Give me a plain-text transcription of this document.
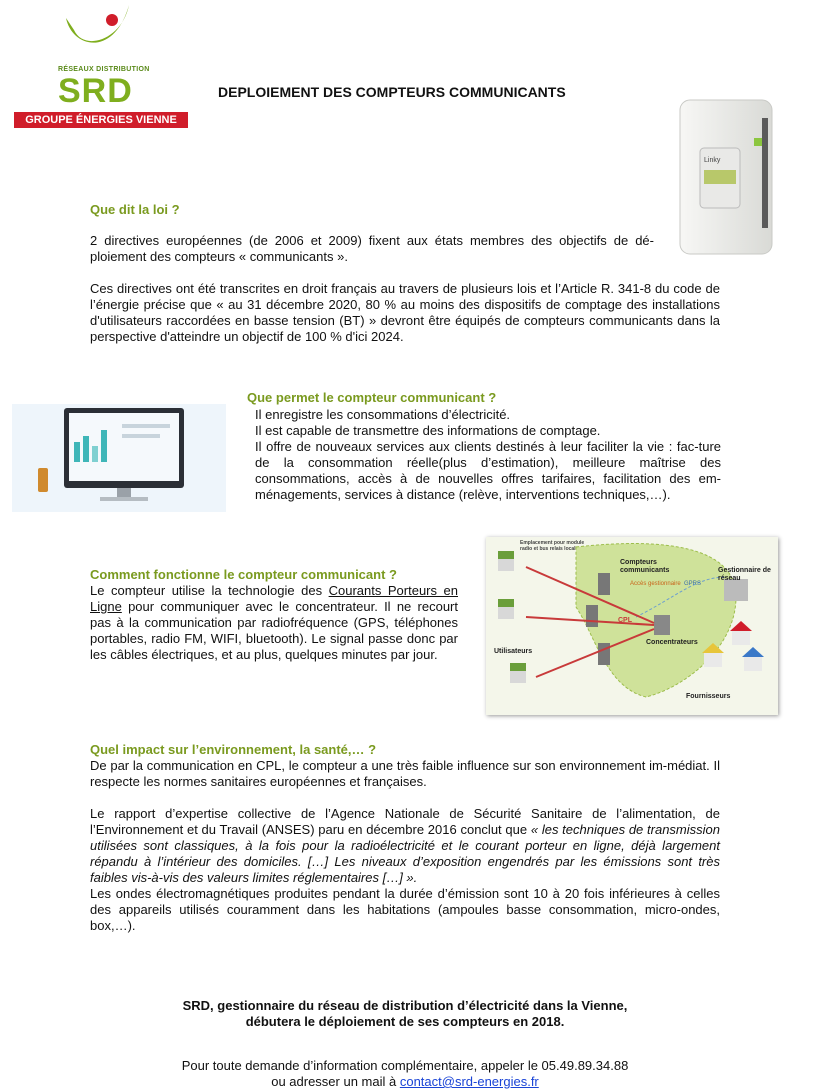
RÉSEAUX DISTRIBUTION
SRD
GROUPE ÉNERGIES VIENNE
DEPLOIEMENT DES COMPTEURS COMMUNICANTS
Linky
Que dit la loi ?

2 directives européennes (de 2006 et 2009) fixent aux états membres des objectifs de dé-ploiement des compteurs « communicants ».

Ces directives ont été transcrites en droit français au travers de plusieurs lois et l’Article R. 341-8 du code de l’énergie précise que « au 31 décembre 2020, 80 % au moins des dispositifs de comptage des installations d'utilisateurs raccordées en basse tension (BT) » devront être équipés de compteurs communicants dans la perspective d'atteindre un objectif de 100 % d'ici 2024.

Que permet le compteur communicant ?

Il enregistre les consommations d’électricité.

Il est capable de transmettre des informations de comptage.

Il offre de nouveaux services aux clients destinés à leur faciliter la vie : fac-ture de la consommation réelle(plus d’estimation), meilleure maîtrise des consommations, accès à de nouvelles offres tarifaires, facilitation des em-ménagements, services à distance (relève, interventions techniques,…).

Comment fonctionne le compteur communicant ?

Le compteur utilise la technologie des Courants Porteurs en Ligne pour communiquer avec le concentrateur. Il ne recourt pas à la communication par radiofréquence (GPS, téléphones portables, radio FM, WIFI, bluetooth). Le signal passe donc par les câbles électriques, et au plus, quelques minutes par jour.

Emplacement pour module radio et bus relais local
Compteurs communicants
Accès gestionnaire GPRS
Gestionnaire de réseau
CPL
Utilisateurs
Concentrateurs
Fournisseurs
Quel impact sur l’environnement, la santé,… ?

De par la communication en CPL, le compteur a une très faible influence sur son environnement im-médiat. Il respecte les normes sanitaires européennes et françaises.

Le rapport d’expertise collective de l’Agence Nationale de Sécurité Sanitaire de l’alimentation, de l’Environnement et du Travail (ANSES) paru en décembre 2016 conclut que « les techniques de transmission utilisées sont classiques, à la fois pour la radioélectricité et le courant porteur en ligne, déjà largement répandu à l’intérieur des domiciles. […] Les niveaux d’exposition engendrés par les émissions sont très faibles vis-à-vis des valeurs limites réglementaires […] ».

Les ondes électromagnétiques produites pendant la durée d’émission sont 10 à 20 fois inférieures à celles des appareils utilisés couramment dans les habitations (ampoules basse consommation, micro-ondes, box,…).

SRD, gestionnaire du réseau de distribution d’électricité dans la Vienne,
débutera le déploiement de ses compteurs en 2018.
Pour toute demande d’information complémentaire, appeler le 05.49.89.34.88
ou adresser un mail à contact@srd-energies.fr
